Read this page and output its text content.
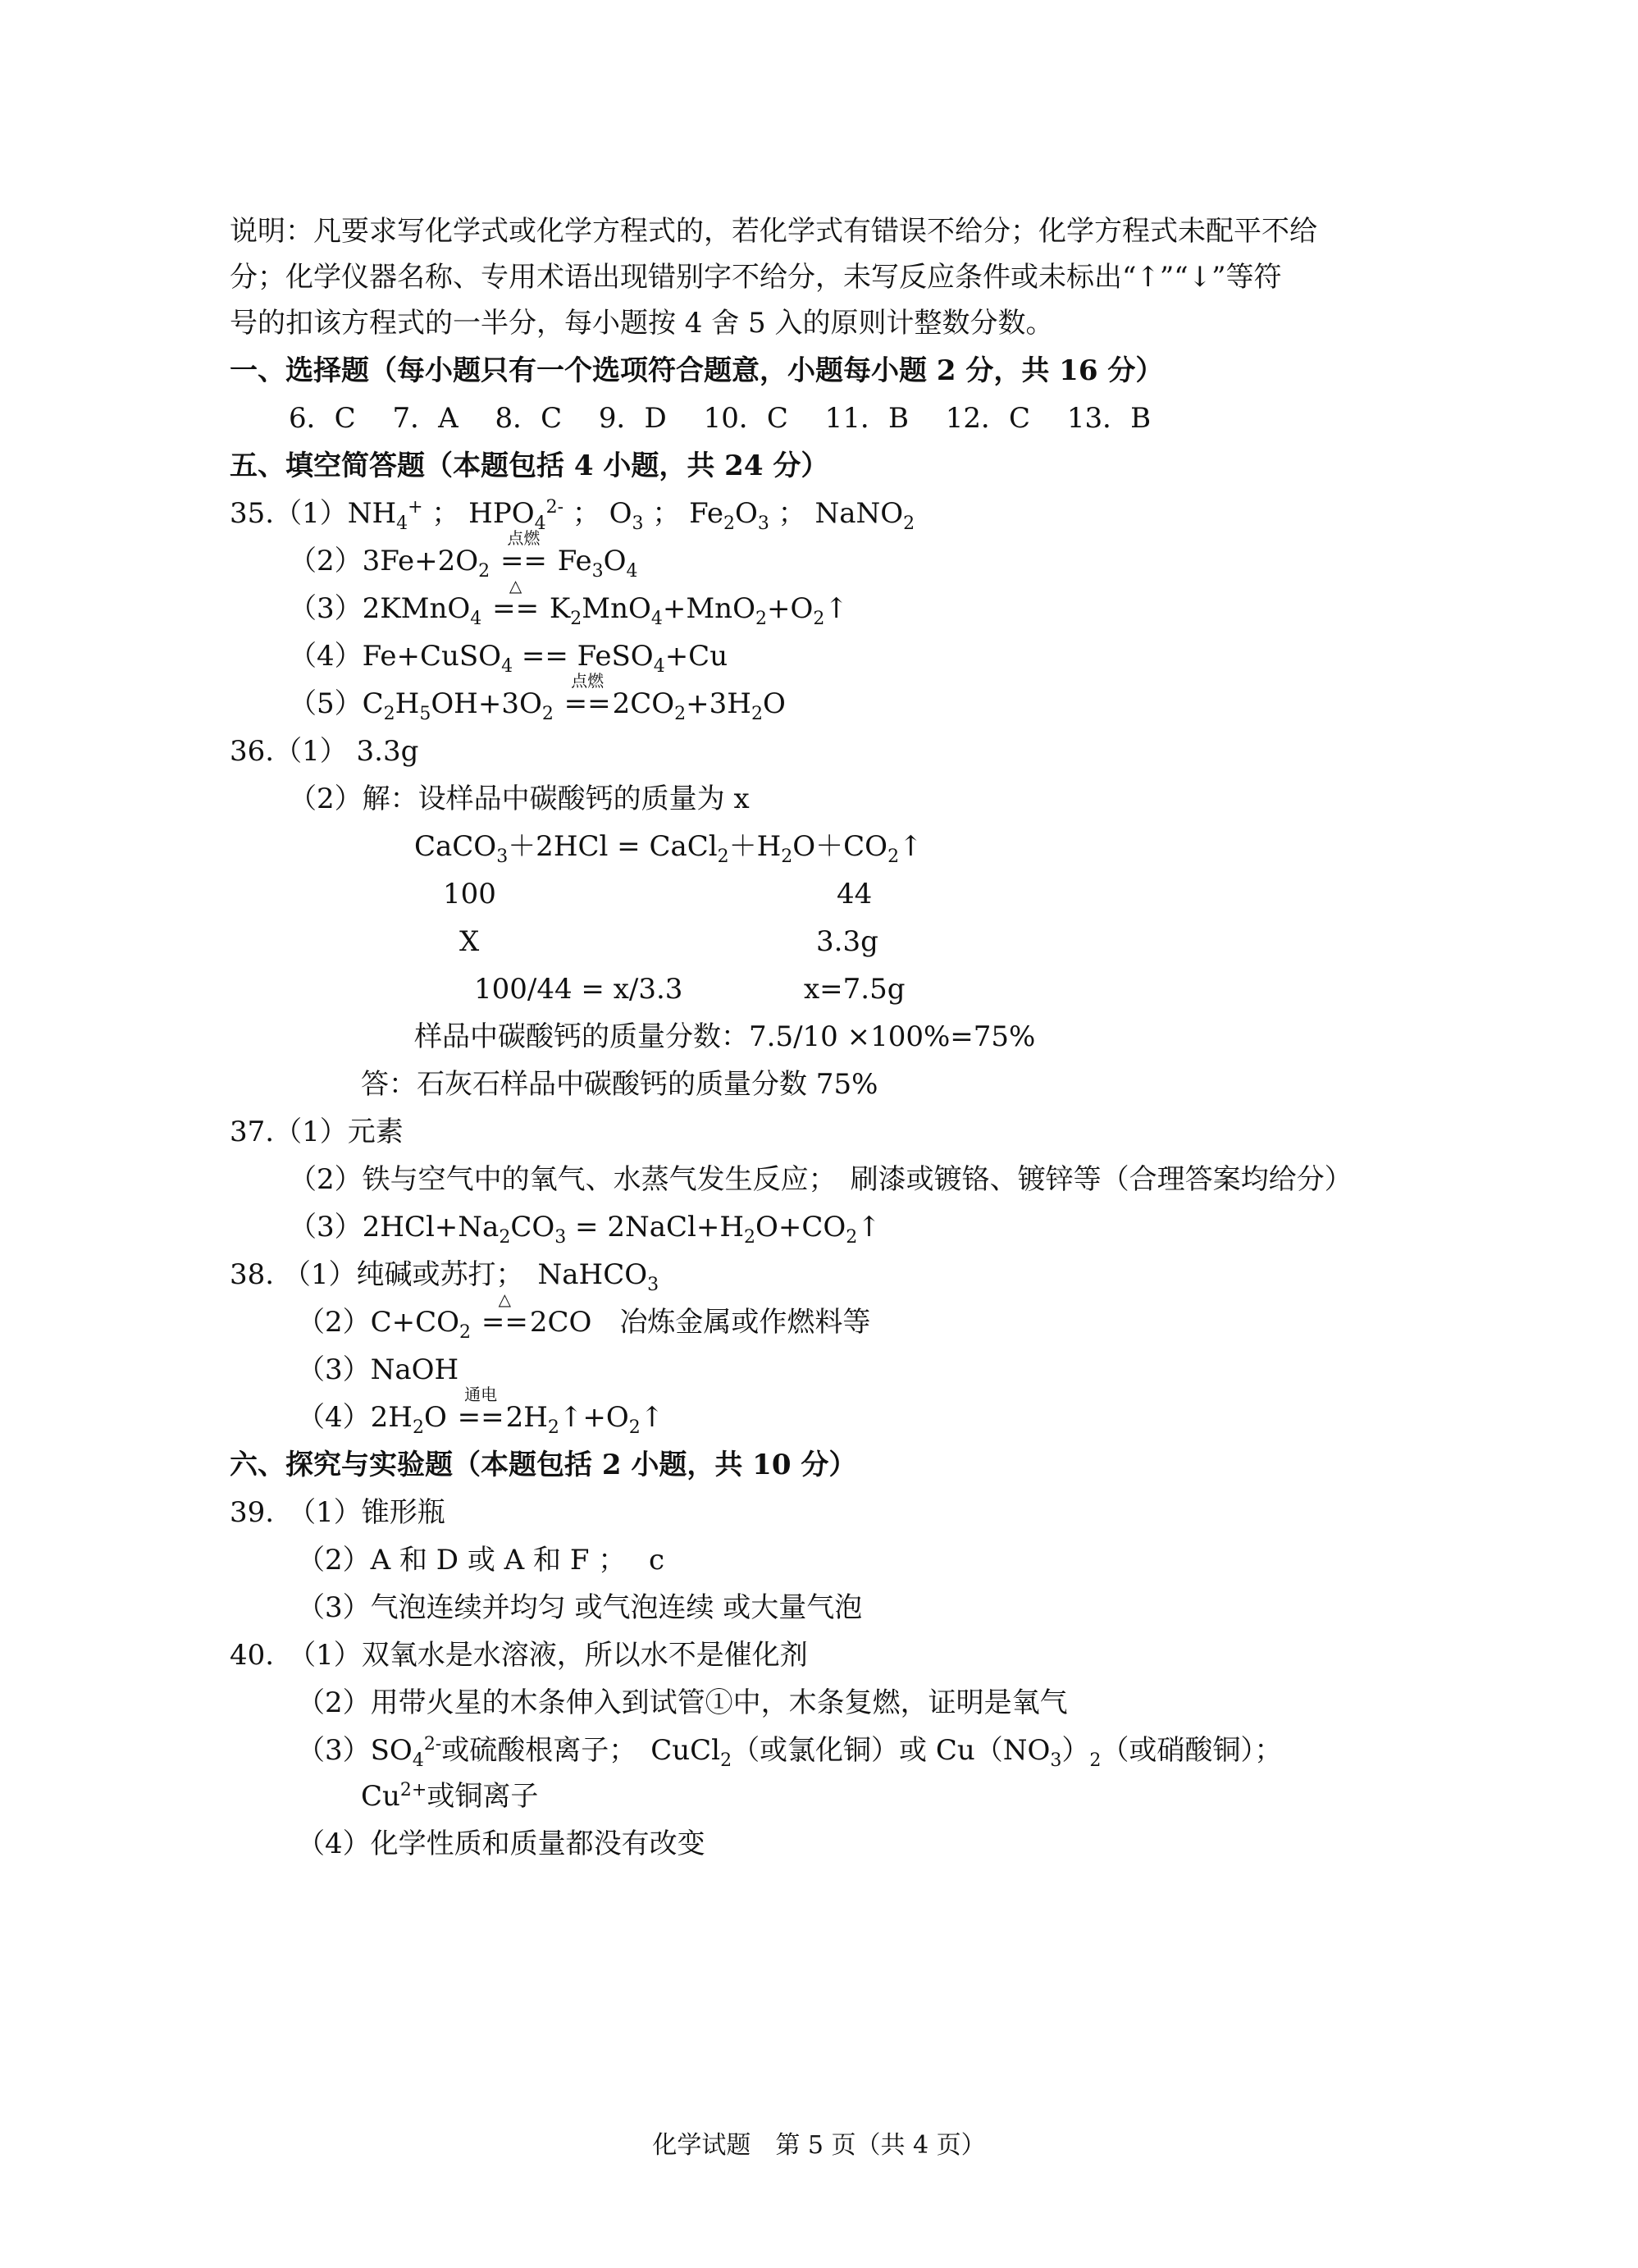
说明：凡要求写化学式或化学方程式的，若化学式有错误不给分；化学方程式未配平不给
分；化学仪器名称、专用术语出现错别字不给分，未写反应条件或未标出“↑”“↓”等符
号的扣该方程式的一半分，每小题按 4 舍 5 入的原则计整数分数。
一、选择题（每小题只有一个选项符合题意，小题每小题 2 分，共 16 分）
6．C　 7．A　 8．C　 9．D　 10．C　 11．B　 12．C　 13．B
五、填空简答题（本题包括 4 小题，共 24 分）
$35.(1)NH_4^+$ ； $HPO_4^{2-}$ ； $O_3$ ； $Fe_2O_3$ ； NaNO$_2$
$(2)3Fe+2O_2$
点燃
== $Fe_3O_4$
（3）2KMnO$_4$
△
== $K_2MnO_4+MnO_2+O_2↑$
（4）Fe+CuSO$_4$ == FeSO$_4$+Cu
$(5)C_2H_5OH+3O_2$
点燃
$==2CO_2+3H_2O$
36.（1） 3.3g
（2）解：设样品中碳酸钙的质量为 x
CaCO$_3$＋2HCl = $CaCl_2+H_2O+CO_2↑$
100	44
X	3.3g
100/44 = x/3.3	x=7.5g
样品中碳酸钙的质量分数：7.5/10 ×100%=75%
答：石灰石样品中碳酸钙的质量分数 75%
37.（1）元素
（2）铁与空气中的氧气、水蒸气发生反应；　刷漆或镀铬、镀锌等（合理答案均给分）
$(3)2HCl+Na_2CO_3$ = $2NaCl+H_2O+CO_2↑$
38. （1）纯碱或苏打；　NaHCO$_3$
$(2)C+CO_2$
△
==2CO　冶炼金属或作燃料等
（3）NaOH
$(4)2H_2O$
通电
$==2H_2↑+O_2↑$
六、探究与实验题（本题包括 2 小题，共 10 分）
39.　 （1）锥形瓶
（2）A 和 D 或 A 和 F ；　 c
（3）气泡连续并均匀 或气泡连续 或大量气泡
40.　 （1）双氧水是水溶液，所以水不是催化剂
（2）用带火星的木条伸入到试管①中，木条复燃，证明是氧气
$(3)SO_4^{2-}$或硫酸根离子；　CuCl$_2$（或氯化铜）或 $Cu(NO_3)_2$（或硝酸铜）；
$Cu^{2+}$或铜离子
（4）化学性质和质量都没有改变
化学试题　第 5 页（共 4 页）
